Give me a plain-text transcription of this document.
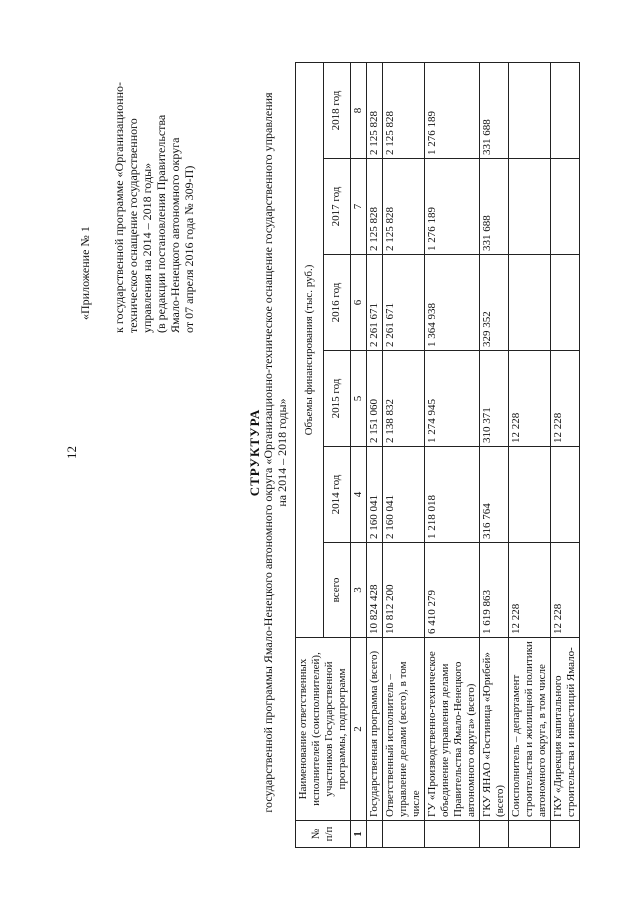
12
«Приложение № 1 к государственной программе «Организационно- техническое оснащение государственного управления на 2014 – 2018 годы» (в редакции постановления Правительства Ямало-Ненецкого автономного округа от 07 апреля 2016 года № 309-П)
СТРУКТУРА государственной программы Ямало-Ненецкого автономного округа «Организационно-техническое оснащение государственного управления на 2014 – 2018 годы»
№ п/п	Наименование ответственных исполнителей (соисполнителей), участников Государственной программы, подпрограмм	Объемы финансирования (тыс. руб.)					
		всего	2014 год	2015 год	2016 год	2017 год	2018 год
1	2	3	4	5	6	7	8
	Государственная программа (всего)	10 824 428	2 160 041	2 151 060	2 261 671	2 125 828	2 125 828
	Ответственный исполнитель – управление делами (всего), в том числе	10 812 200	2 160 041	2 138 832	2 261 671	2 125 828	2 125 828
	ГУ «Производственно-техническое объединение управления делами Правительства Ямало-Ненецкого автономного округа» (всего)	6 410 279	1 218 018	1 274 945	1 364 938	1 276 189	1 276 189
	ГКУ ЯНАО «Гостиница «Юрибей» (всего)	1 619 863	316 764	310 371	329 352	331 688	331 688
	Соисполнитель – департамент строительства и жилищной политики автономного округа, в том числе	12 228		12 228			
	ГКУ «Дирекция капитального строительства и инвестиций Ямало-	12 228		12 228			
